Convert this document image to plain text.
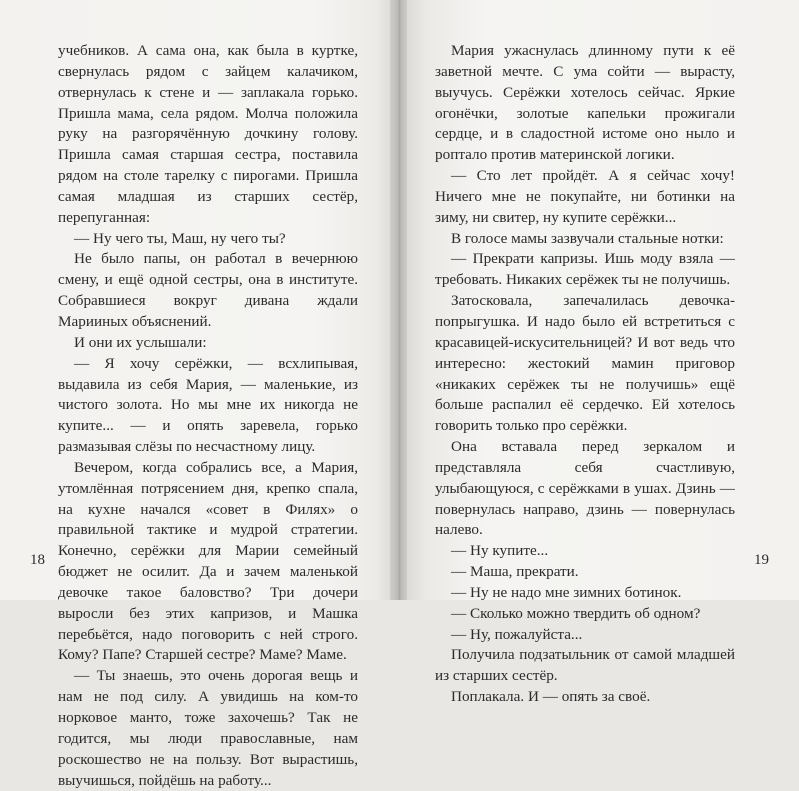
учебников. А сама она, как была в куртке, свернулась рядом с зайцем калачиком, отвернулась к стене и — заплакала горько. Пришла мама, села рядом. Молча положила руку на разгорячённую дочкину голову. Пришла самая старшая сестра, поставила рядом на столе тарелку с пирогами. Пришла самая младшая из старших сестёр, перепуганная:

— Ну чего ты, Маш, ну чего ты?

Не было папы, он работал в вечернюю смену, и ещё одной сестры, она в институте. Собравшиеся вокруг дивана ждали Марииных объяснений.

И они их услышали:

— Я хочу серёжки, — всхлипывая, выдавила из себя Мария, — маленькие, из чистого золота. Но мы мне их никогда не купите... — и опять заревела, горько размазывая слёзы по несчастному лицу.

Вечером, когда собрались все, а Мария, утомлённая потрясением дня, крепко спала, на кухне начался «совет в Филях» о правильной тактике и мудрой стратегии. Конечно, серёжки для Марии семейный бюджет не осилит. Да и зачем маленькой девочке такое баловство? Три дочери выросли без этих капризов, и Машка перебьётся, надо поговорить с ней строго. Кому? Папе? Старшей сестре? Маме? Маме.

— Ты знаешь, это очень дорогая вещь и нам не под силу. А увидишь на ком-то норковое манто, тоже захочешь? Так не годится, мы люди православные, нам роскошество не на пользу. Вот вырастишь, выучишься, пойдёшь на работу...

18

Мария ужаснулась длинному пути к её заветной мечте. С ума сойти — вырасту, выучусь. Серёжки хотелось сейчас. Яркие огонёчки, золотые капельки прожигали сердце, и в сладостной истоме оно ныло и роптало против материнской логики.

— Сто лет пройдёт. А я сейчас хочу! Ничего мне не покупайте, ни ботинки на зиму, ни свитер, ну купите серёжки...

В голосе мамы зазвучали стальные нотки:

— Прекрати капризы. Ишь моду взяла — требовать. Никаких серёжек ты не получишь.

Затосковала, запечалилась девочка-попрыгушка. И надо было ей встретиться с красавицей-искусительницей? И вот ведь что интересно: жестокий мамин приговор «никаких серёжек ты не получишь» ещё больше распалил её сердечко. Ей хотелось говорить только про серёжки.

Она вставала перед зеркалом и представляла себя счастливую, улыбающуюся, с серёжками в ушах. Дзинь — повернулась направо, дзинь — повернулась налево.

— Ну купите...

— Маша, прекрати.

— Ну не надо мне зимних ботинок.

— Сколько можно твердить об одном?

— Ну, пожалуйста...

Получила подзатыльник от самой младшей из старших сестёр.

Поплакала. И — опять за своё.

19
